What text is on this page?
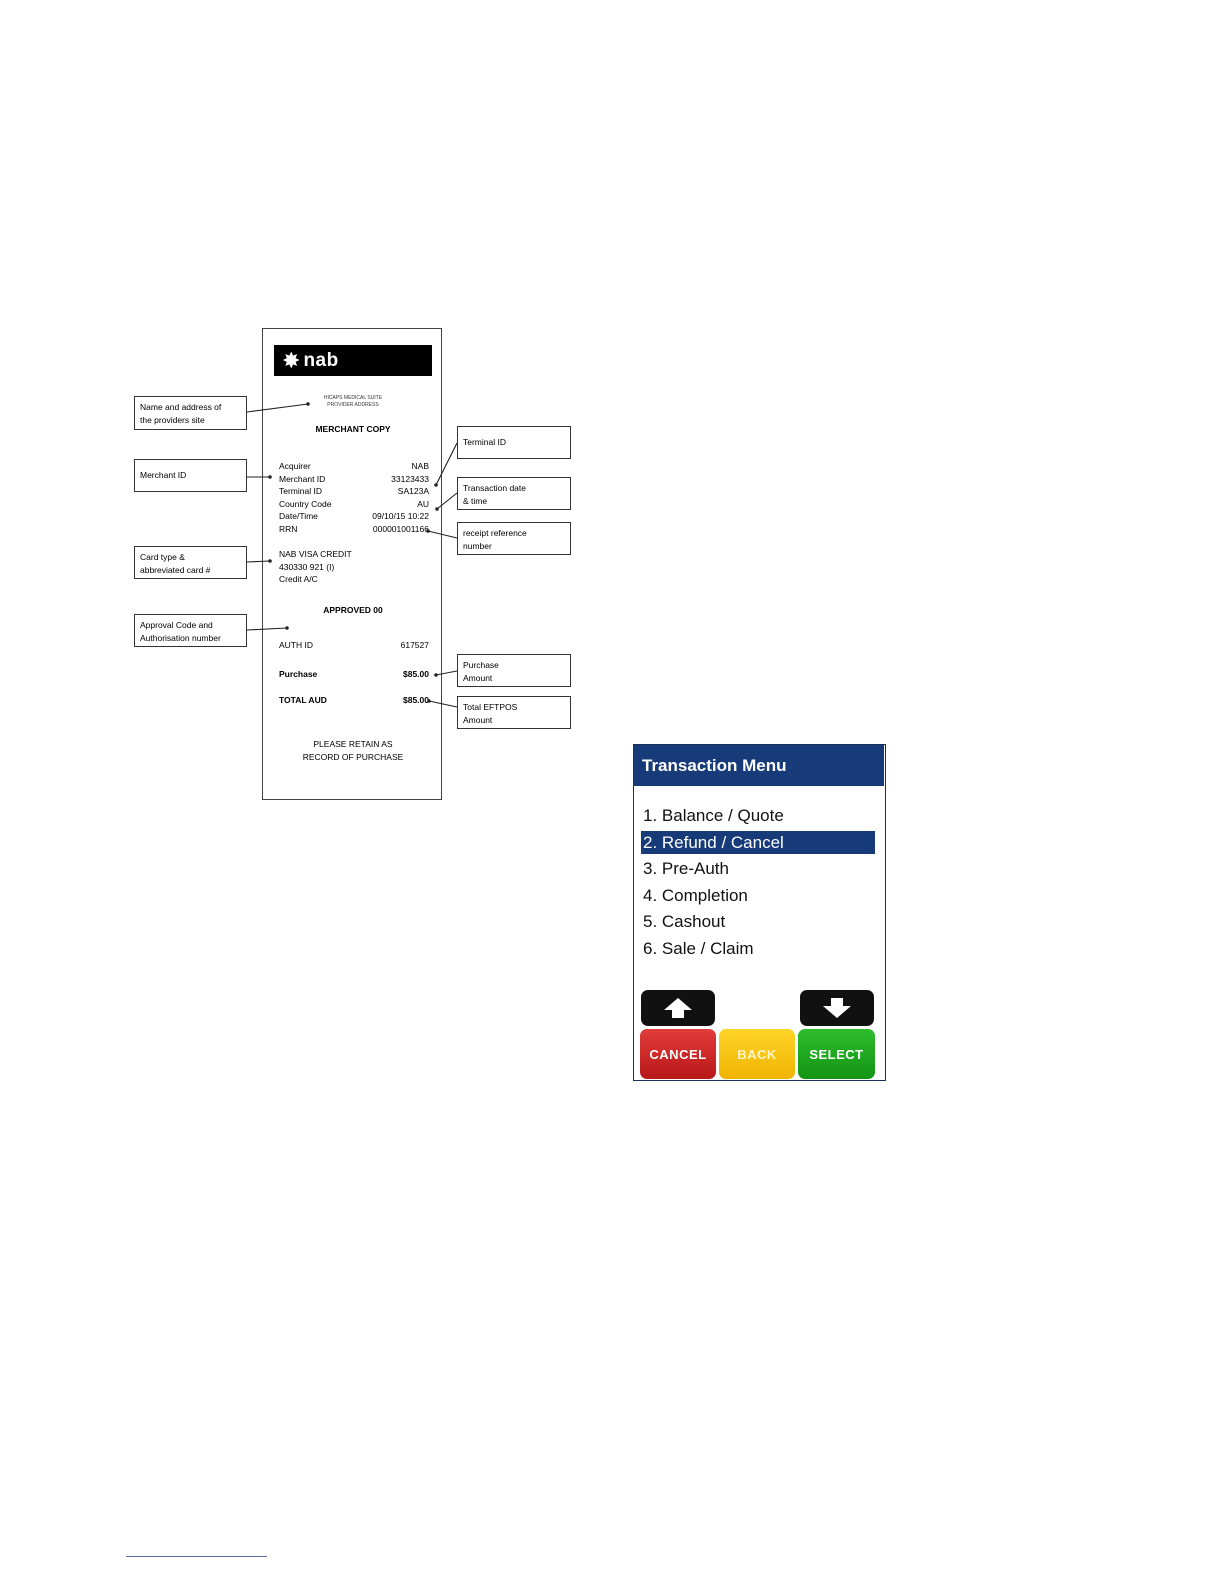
✸ nab
HICAPS MEDICAL SUITE
PROVIDER ADDRESS
MERCHANT COPY
Acquirer	NAB
Merchant ID	33123433
Terminal ID	SA123A
Country Code	AU
Date/Time	09/10/15 10:22
RRN	000001001166
NAB VISA CREDIT
430330 921 (I)
Credit A/C
APPROVED 00
AUTH ID	617527
Purchase	$85.00
TOTAL AUD	$85.00
PLEASE RETAIN AS
RECORD OF PURCHASE
Name and address of
the providers site
Merchant ID
Card type &
abbreviated card #
Approval Code and
Authorisation number
Terminal ID
Transaction date
& time
receipt reference
number
Purchase
Amount
Total EFTPOS
Amount
Transaction Menu
1. Balance / Quote
2. Refund / Cancel
3. Pre-Auth
4. Completion
5. Cashout
6. Sale / Claim
CANCEL	BACK	SELECT
